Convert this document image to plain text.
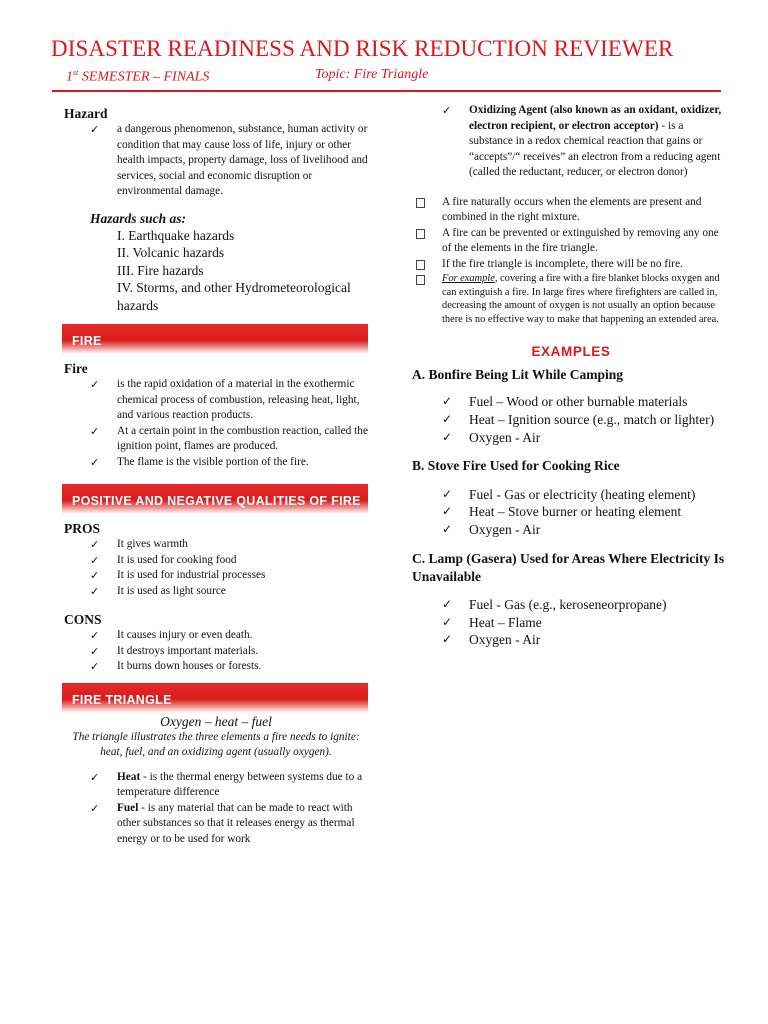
DISASTER READINESS AND RISK REDUCTION REVIEWER
1st SEMESTER – FINALS	Topic: Fire Triangle

Hazard

✓ a dangerous phenomenon, substance, human activity or condition that may cause loss of life, injury or other health impacts, property damage, loss of livelihood and services, social and economic disruption or environmental damage.

Hazards such as:

I. Earthquake hazards
II. Volcanic hazards
III. Fire hazards
IV. Storms, and other Hydrometeorological hazards
FIRE

Fire

✓ is the rapid oxidation of a material in the exothermic chemical process of combustion, releasing heat, light, and various reaction products.
✓ At a certain point in the combustion reaction, called the ignition point, flames are produced.
✓ The flame is the visible portion of the fire.
POSITIVE AND NEGATIVE QUALITIES OF FIRE

PROS

✓ It gives warmth
✓ It is used for cooking food
✓ It is used for industrial processes
✓ It is used as light source

CONS

✓ It causes injury or even death.
✓ It destroys important materials.
✓ It burns down houses or forests.
FIRE TRIANGLE

Oxygen – heat – fuel

The triangle illustrates the three elements a fire needs to ignite: heat, fuel, and an oxidizing agent (usually oxygen).

✓ Heat - is the thermal energy between systems due to a temperature difference
✓ Fuel - is any material that can be made to react with other substances so that it releases energy as thermal energy or to be used for work
✓ Oxidizing Agent (also known as an oxidant, oxidizer, electron recipient, or electron acceptor) - is a substance in a redox chemical reaction that gains or “accepts”/“ receives” an electron from a reducing agent (called the reductant, reducer, or electron donor)
A fire naturally occurs when the elements are present and combined in the right mixture.
A fire can be prevented or extinguished by removing any one of the elements in the fire triangle.
If the fire triangle is incomplete, there will be no fire.
For example, covering a fire with a fire blanket blocks oxygen and can extinguish a fire. In large fires where firefighters are called in, decreasing the amount of oxygen is not usually an option because there is no effective way to make that happening an extended area.

EXAMPLES

A. Bonfire Being Lit While Camping

✓ Fuel – Wood or other burnable materials
✓ Heat – Ignition source (e.g., match or lighter)
✓ Oxygen - Air

B. Stove Fire Used for Cooking Rice

✓ Fuel - Gas or electricity (heating element)
✓ Heat – Stove burner or heating element
✓ Oxygen - Air

C. Lamp (Gasera) Used for Areas Where Electricity Is Unavailable

✓ Fuel - Gas (e.g., keroseneorpropane)
✓ Heat – Flame
✓ Oxygen - Air
